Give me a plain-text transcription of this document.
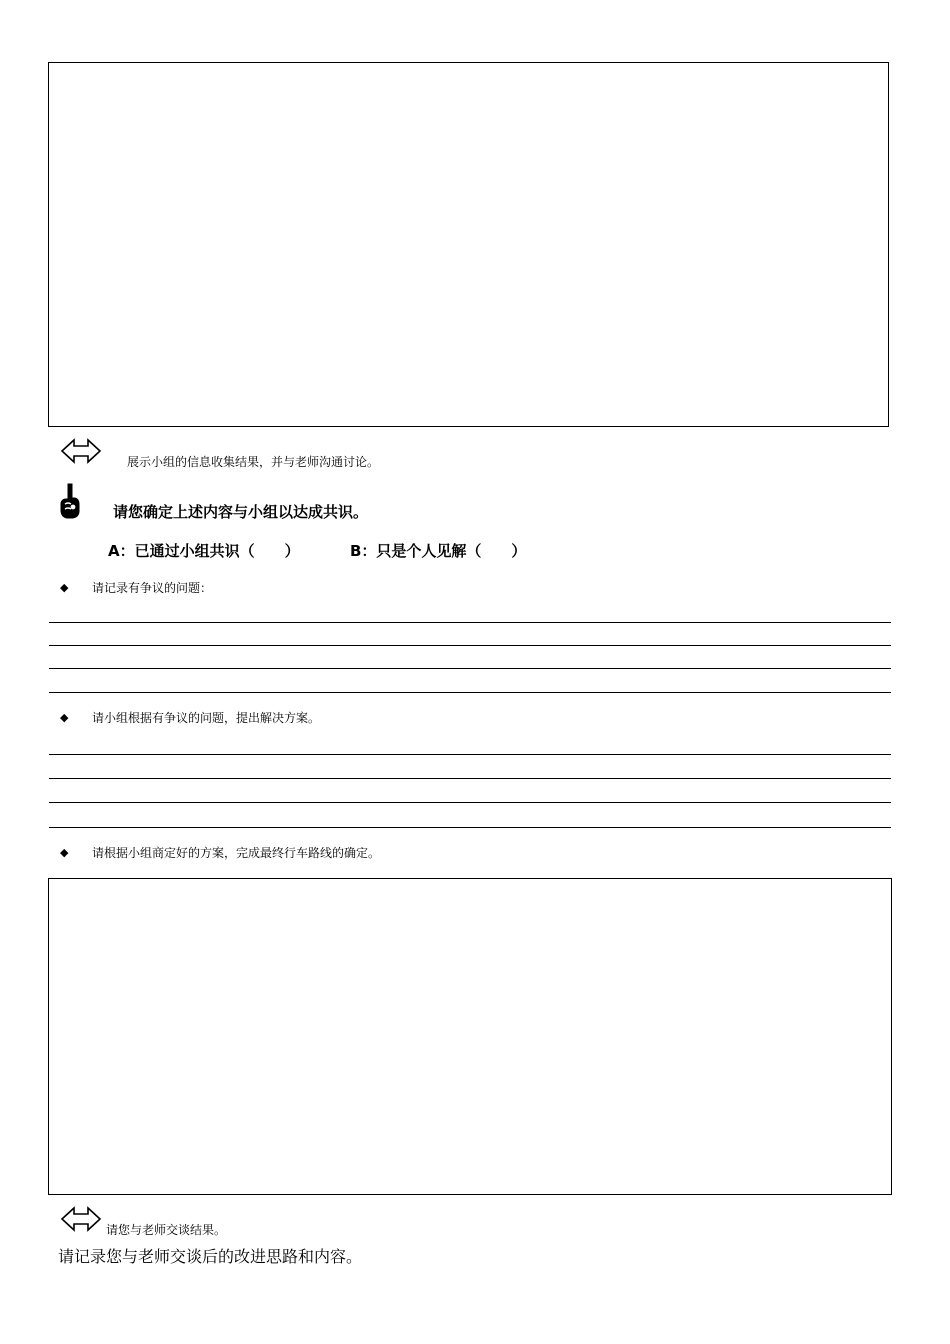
展示小组的信息收集结果，并与老师沟通讨论。
请您确定上述内容与小组以达成共识。
A：已通过小组共识（　　）	B：只是个人见解（　　）
◆ 请记录有争议的问题：
◆ 请小组根据有争议的问题，提出解决方案。
◆ 请根据小组商定好的方案，完成最终行车路线的确定。
请您与老师交谈结果。
请记录您与老师交谈后的改进思路和内容。
